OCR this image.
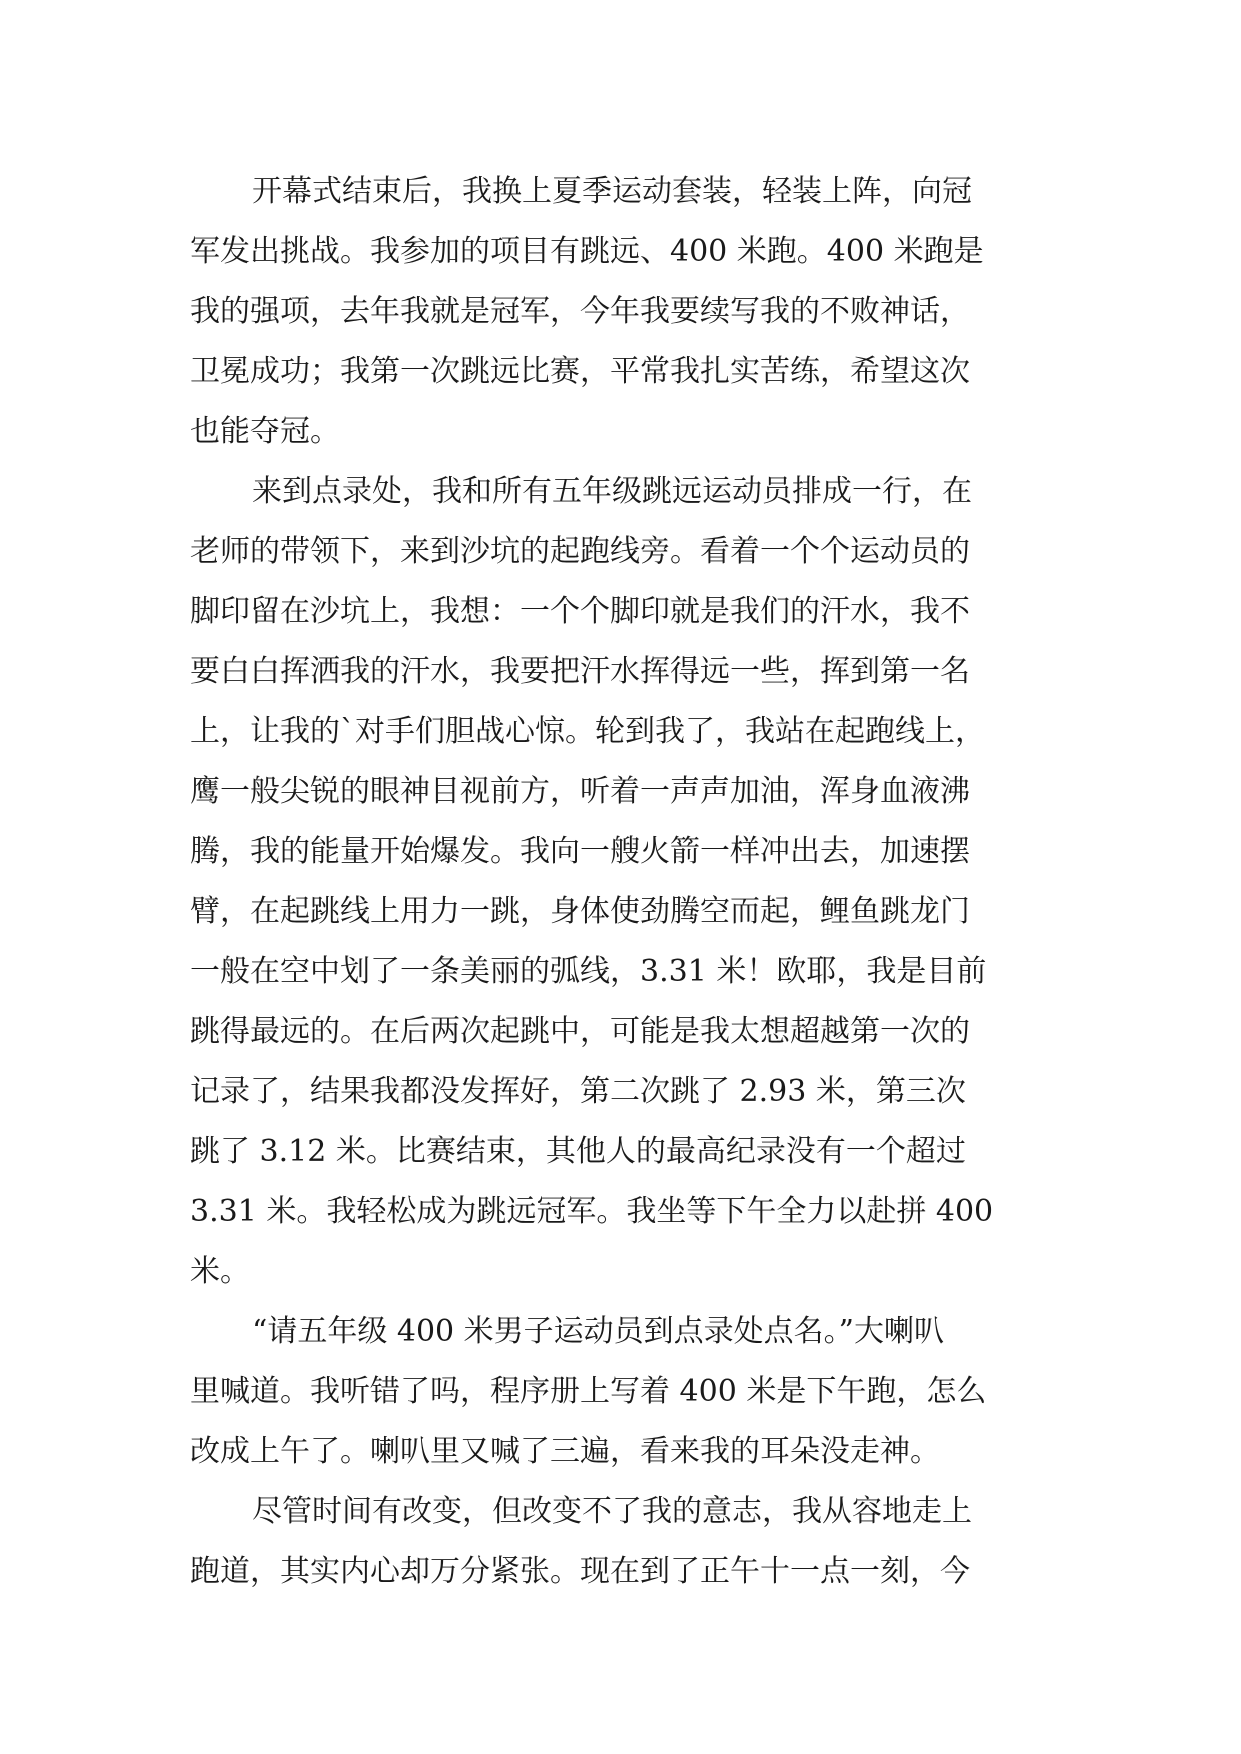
开幕式结束后，我换上夏季运动套装，轻装上阵，向冠
军发出挑战。我参加的项目有跳远、400 米跑。400 米跑是
我的强项，去年我就是冠军，今年我要续写我的不败神话，
卫冕成功；我第一次跳远比赛，平常我扎实苦练，希望这次
也能夺冠。
来到点录处，我和所有五年级跳远运动员排成一行，在
老师的带领下，来到沙坑的起跑线旁。看着一个个运动员的
脚印留在沙坑上，我想：一个个脚印就是我们的汗水，我不
要白白挥洒我的汗水，我要把汗水挥得远一些，挥到第一名
上，让我的`对手们胆战心惊。轮到我了，我站在起跑线上，
鹰一般尖锐的眼神目视前方，听着一声声加油，浑身血液沸
腾，我的能量开始爆发。我向一艘火箭一样冲出去，加速摆
臂，在起跳线上用力一跳，身体使劲腾空而起，鲤鱼跳龙门
一般在空中划了一条美丽的弧线，3.31 米！欧耶，我是目前
跳得最远的。在后两次起跳中，可能是我太想超越第一次的
记录了，结果我都没发挥好，第二次跳了 2.93 米，第三次
跳了 3.12 米。比赛结束，其他人的最高纪录没有一个超过
3.31 米。我轻松成为跳远冠军。我坐等下午全力以赴拼 400
米。
“请五年级 400 米男子运动员到点录处点名。”大喇叭
里喊道。我听错了吗，程序册上写着 400 米是下午跑，怎么
改成上午了。喇叭里又喊了三遍，看来我的耳朵没走神。
尽管时间有改变，但改变不了我的意志，我从容地走上
跑道，其实内心却万分紧张。现在到了正午十一点一刻，今
